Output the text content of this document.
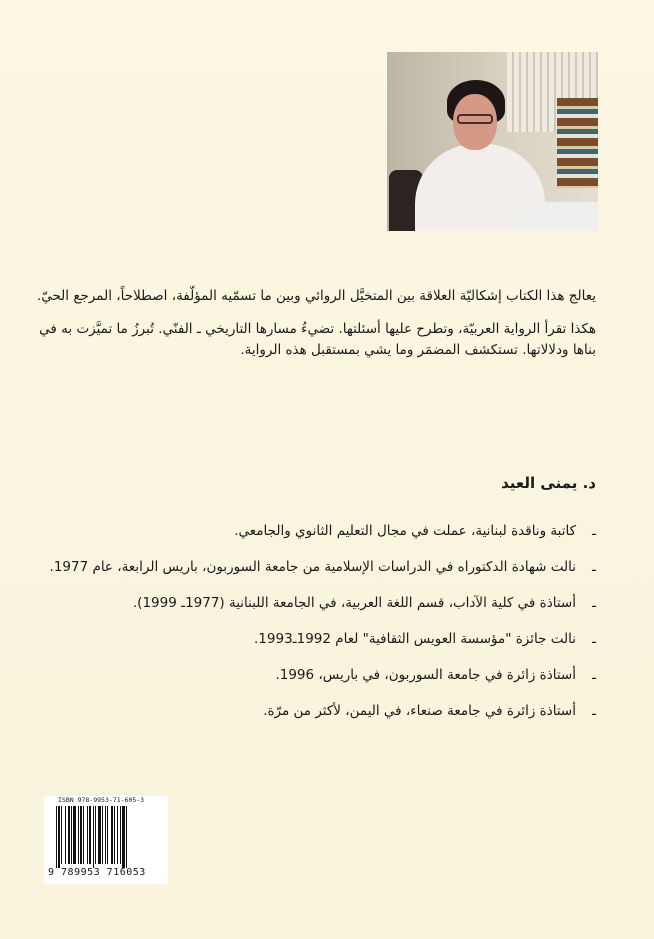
يعالج هذا الكتاب إشكاليّة العلاقة بين المتخيَّل الروائي وبين ما تسمّيه المؤلّفة، اصطلاحاً، المرجع الحيّ.

هكذا تقرأ الرواية العربيّة، وتطرح عليها أسئلتها. تضيءُ مسارها التاريخي ـ الفنّي. تُبرزُ ما تميَّزت به في بناها ودلالاتها. تستكشف المضمَر وما يشي بمستقبل هذه الرواية.

د. يمنى العيد
ـ
كاتبة وناقدة لبنانية، عملت في مجال التعليم الثانوي والجامعي.
ـ
نالت شهادة الدكتوراه في الدراسات الإسلامية من جامعة السوربون، باريس الرابعة، عام 1977.
ـ
أستاذة في كلية الآداب، قسم اللغة العربية، في الجامعة اللبنانية (1977ـ 1999).
ـ
نالت جائزة "مؤسسة العويس الثقافية" لعام 1992ـ1993.
ـ
أستاذة زائرة في جامعة السوربون، في باريس، 1996.
ـ
أستاذة زائرة في جامعة صنعاء، في اليمن، لأكثر من مرّة.
ISBN 978-9953-71-605-3
9 789953 716053
